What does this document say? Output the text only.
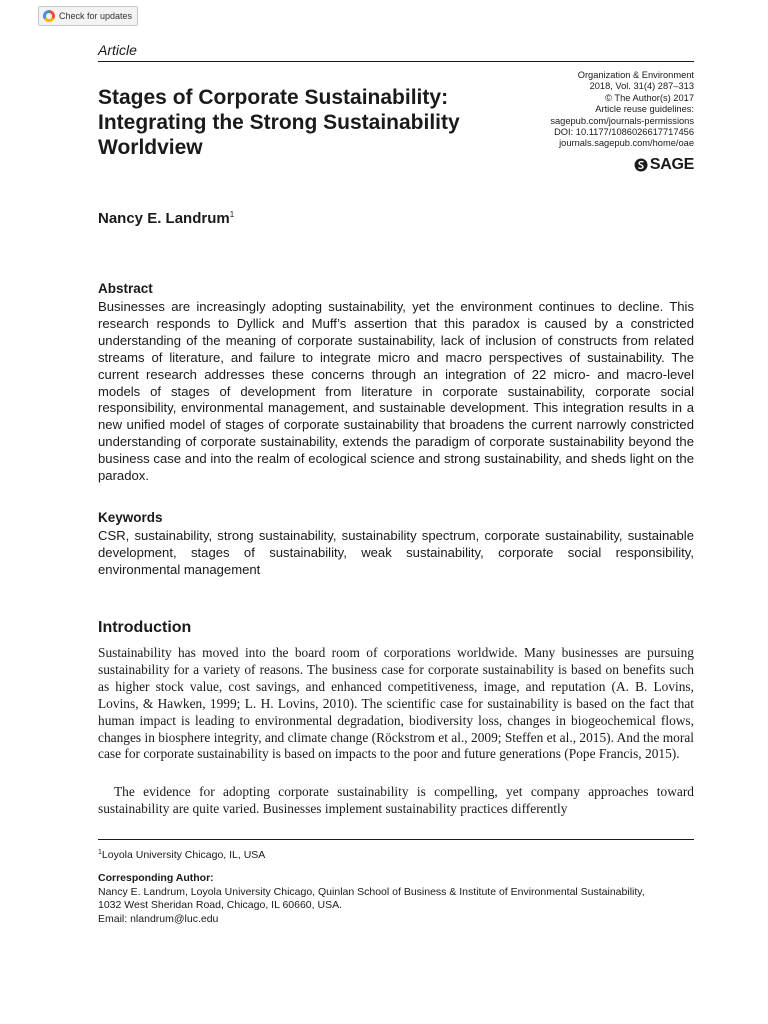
Check for updates
Article
Organization & Environment
2018, Vol. 31(4) 287–313
© The Author(s) 2017
Article reuse guidelines:
sagepub.com/journals-permissions
DOI: 10.1177/1086026617717456
journals.sagepub.com/home/oae
SAGE
Stages of Corporate Sustainability: Integrating the Strong Sustainability Worldview
Nancy E. Landrum$^1$
Abstract

Businesses are increasingly adopting sustainability, yet the environment continues to decline. This research responds to Dyllick and Muff’s assertion that this paradox is caused by a constricted understanding of the meaning of corporate sustainability, lack of inclusion of constructs from related streams of literature, and failure to integrate micro and macro perspectives of sustainability. The current research addresses these concerns through an integration of 22 micro- and macro-level models of stages of development from literature in corporate sustainability, corporate social responsibility, environmental management, and sustainable development. This integration results in a new unified model of stages of corporate sustainability that broadens the current narrowly constricted understanding of corporate sustainability, extends the paradigm of corporate sustainability beyond the business case and into the realm of ecological science and strong sustainability, and sheds light on the paradox.

Keywords

CSR, sustainability, strong sustainability, sustainability spectrum, corporate sustainability, sustainable development, stages of sustainability, weak sustainability, corporate social responsibility, environmental management

Introduction

Sustainability has moved into the board room of corporations worldwide. Many businesses are pursuing sustainability for a variety of reasons. The business case for corporate sustainability is based on benefits such as higher stock value, cost savings, and enhanced competitiveness, image, and reputation (A. B. Lovins, Lovins, & Hawken, 1999; L. H. Lovins, 2010). The scientific case for sustainability is based on the fact that human impact is leading to environmental degradation, biodiversity loss, changes in biogeochemical flows, changes in biosphere integrity, and climate change (Röckstrom et al., 2009; Steffen et al., 2015). And the moral case for corporate sustainability is based on impacts to the poor and future generations (Pope Francis, 2015).

The evidence for adopting corporate sustainability is compelling, yet company approaches toward sustainability are quite varied. Businesses implement sustainability practices differently

$^1$Loyola University Chicago, IL, USA
Corresponding Author:
Nancy E. Landrum, Loyola University Chicago, Quinlan School of Business & Institute of Environmental Sustainability,
1032 West Sheridan Road, Chicago, IL 60660, USA.
Email: nlandrum@luc.edu
